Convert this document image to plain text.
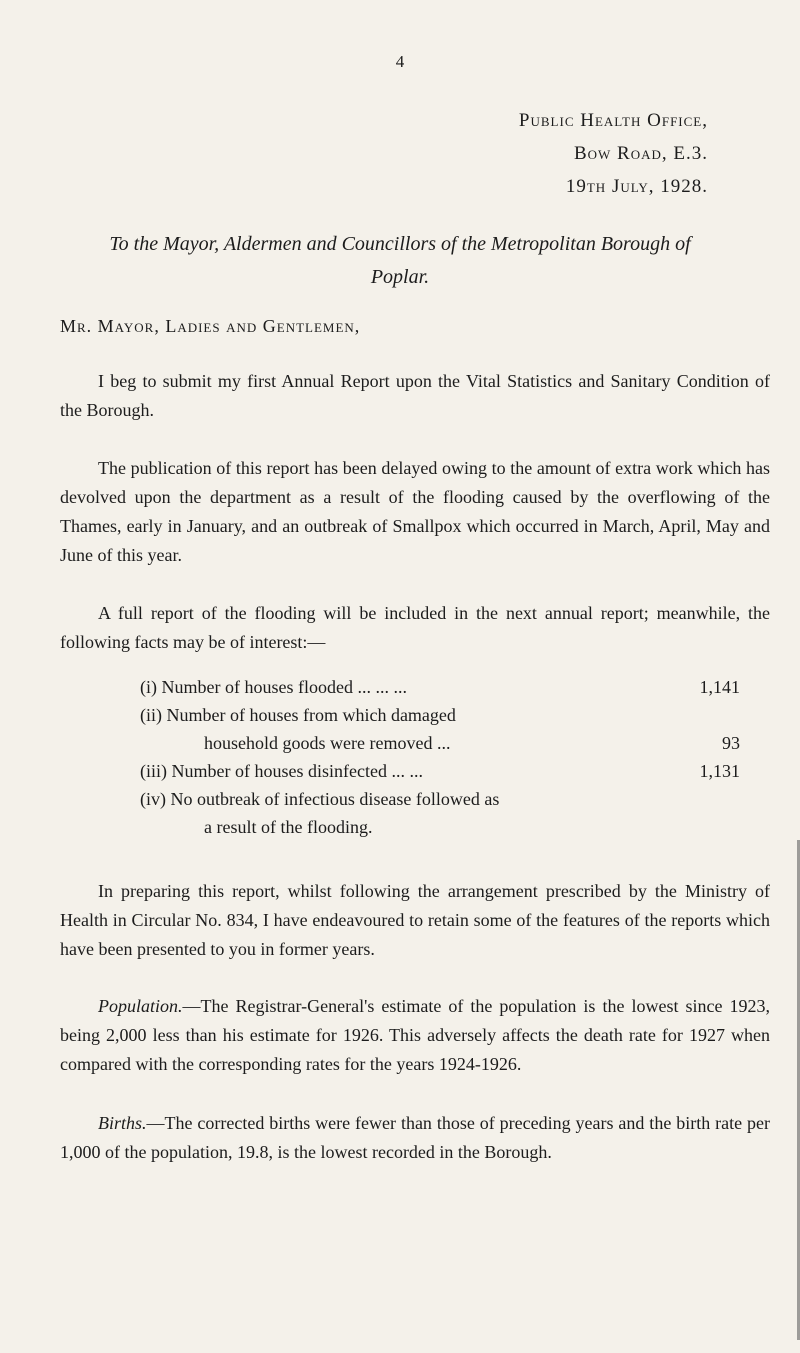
4
Public Health Office,
Bow Road, E.3.
19th July, 1928.
To the Mayor, Aldermen and Councillors of the Metropolitan Borough of Poplar.
Mr. Mayor, Ladies and Gentlemen,
I beg to submit my first Annual Report upon the Vital Statistics and Sanitary Condition of the Borough.
The publication of this report has been delayed owing to the amount of extra work which has devolved upon the department as a result of the flooding caused by the overflowing of the Thames, early in January, and an outbreak of Smallpox which occurred in March, April, May and June of this year.
A full report of the flooding will be included in the next annual report; meanwhile, the following facts may be of interest:—
(i) Number of houses flooded ... ... ...	1,141
(ii) Number of houses from which damaged
household goods were removed ...	93
(iii) Number of houses disinfected ... ...	1,131
(iv) No outbreak of infectious disease followed as
a result of the flooding.
In preparing this report, whilst following the arrangement prescribed by the Ministry of Health in Circular No. 834, I have endeavoured to retain some of the features of the reports which have been presented to you in former years.
Population.—The Registrar-General's estimate of the population is the lowest since 1923, being 2,000 less than his estimate for 1926. This adversely affects the death rate for 1927 when compared with the corresponding rates for the years 1924-1926.
Births.—The corrected births were fewer than those of preceding years and the birth rate per 1,000 of the population, 19.8, is the lowest recorded in the Borough.
